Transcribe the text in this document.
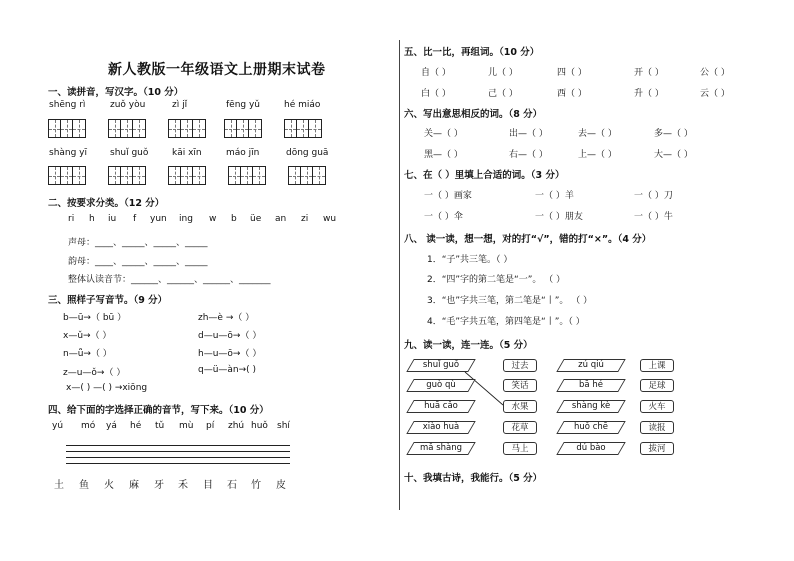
新人教版一年级语文上册期末试卷
一、读拼音，写汉字。（10 分）
shēng rì	zuǒ yòu	zì jǐ	fēng yǔ	hé miáo
shàng yī	shuǐ guǒ	kāi xīn	máo jīn	dōng guā
二、按要求分类。（12 分）
ri h iu f yun ing w b üe an zi wu
声母：____、_____、_____、_____
韵母：____、_____、_____、_____
整体认读音节：______、______、______、_______
三、照样子写音节。（9 分）
b—ū→（ bū ）
x—ǔ→（ ）
n—ǚ→（ ）
z—u—ǒ→（ ）
x—( ) —( ) →xiōng
zh—è →（ ）
d—u—ō→（ ）
h—u—ō→（ ）
q—ü—àn→( )
四、给下面的字选择正确的音节，写下来。（10 分）
yú mó yá hé tǔ mù pí zhú huǒ shí
土 鱼 火 麻 牙 禾 目 石 竹 皮
五、比一比，再组词。（10 分）
自（ ）	儿（ ）	四（ ）	开（ ）	公（ ）
白（ ）	己（ ）	西（ ）	升（ ）	云（ ）
六、写出意思相反的词。（8 分）
关—（ ）	出—（ ）	去—（ ）	多—（ ）
黑—（ ）	右—（ ）	上—（ ）	大—（ ）
七、在（ ）里填上合适的词。（3 分）
一（ ）画家	一（ ）羊	一（ ）刀
一（ ）伞	一（ ）朋友	一（ ）牛
八、 读一读，想一想，对的打“√”，错的打“×”。（4 分）
1．“子”共三笔。（ ）
2．“四”字的第二笔是“一”。 （ ）
3．“也”字共三笔，第二笔是“丨”。 （ ）
4．“毛”字共五笔，第四笔是“丨”。（ ）
九、读一读，连一连。（5 分）
shuǐ guǒ
guò qù
huā cǎo
xiào huà
mǎ shàng
过去
笑话
水果
花草
马上
zú qiú
bā hé
shàng kè
huǒ chē
dú bào
上课
足球
火车
读报
拔河
十、我填古诗，我能行。（5 分）
